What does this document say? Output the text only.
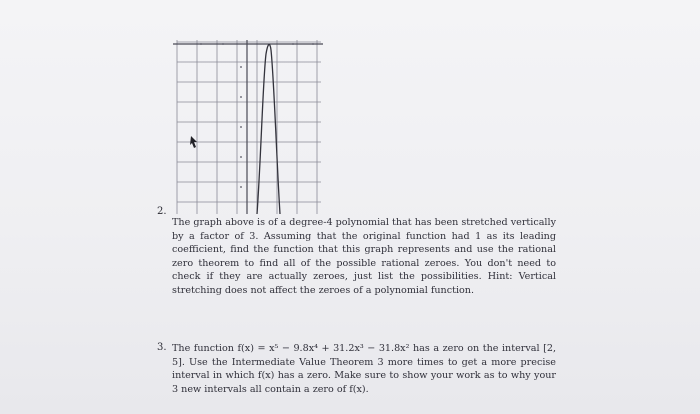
2.

The graph above is of a degree-4 polynomial that has been stretched vertically by a factor of 3. Assuming that the original function had 1 as its leading coefficient, find the function that this graph represents and use the rational zero theorem to find all of the possible rational zeroes. You don't need to check if they are actually zeroes, just list the possibilities. Hint: Vertical stretching does not affect the zeroes of a polynomial function.

3. The function f(x) = x⁵ − 9.8x⁴ + 31.2x³ − 31.8x² has a zero on the interval [2, 5]. Use the Intermediate Value Theorem 3 more times to get a more precise interval in which f(x) has a zero. Make sure to show your work as to why your 3 new intervals all contain a zero of f(x).
